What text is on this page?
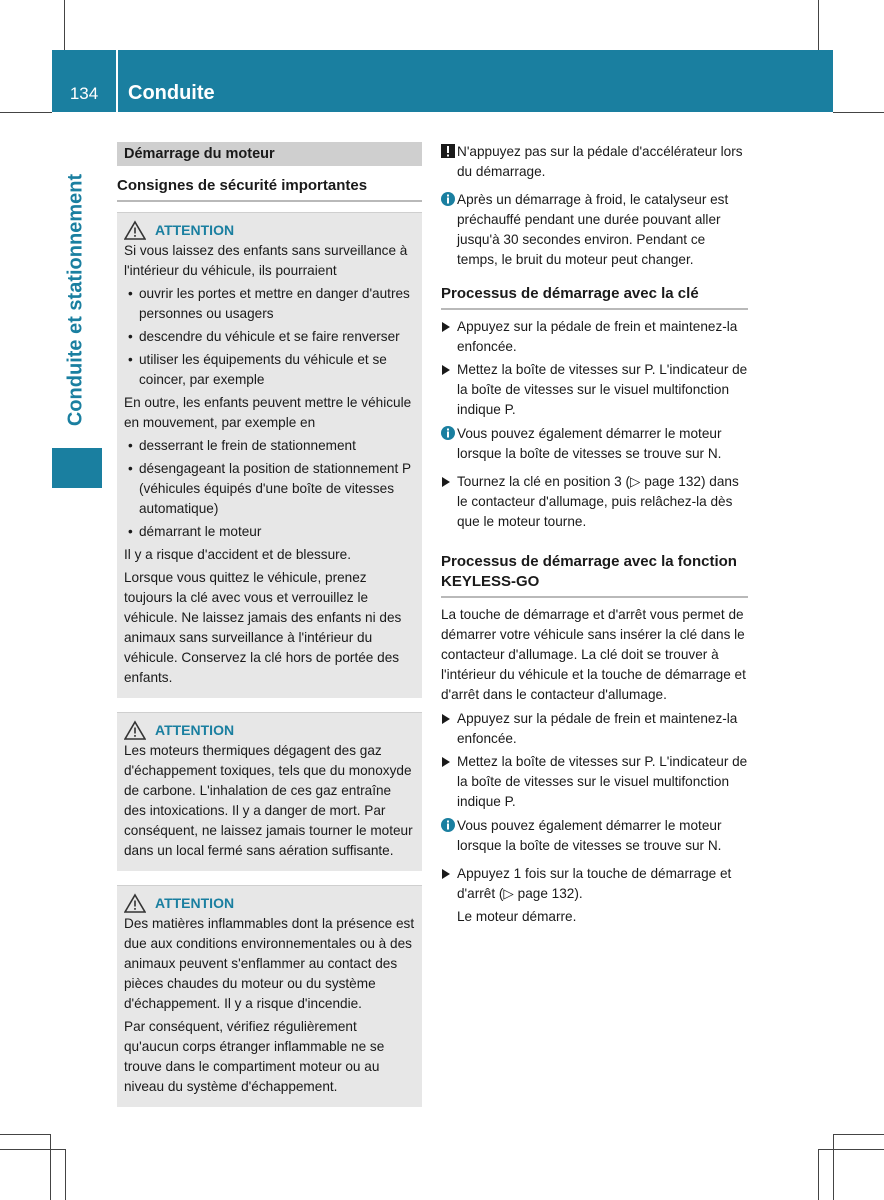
134	Conduite
Conduite et stationnement
Démarrage du moteur
Consignes de sécurité importantes
ATTENTION

Si vous laissez des enfants sans surveillance à l'intérieur du véhicule, ils pourraient

• ouvrir les portes et mettre en danger d'autres personnes ou usagers
• descendre du véhicule et se faire renverser
• utiliser les équipements du véhicule et se coincer, par exemple

En outre, les enfants peuvent mettre le véhicule en mouvement, par exemple en

• desserrant le frein de stationnement
• désengageant la position de stationnement P (véhicules équipés d'une boîte de vitesses automatique)
• démarrant le moteur

Il y a risque d'accident et de blessure.

Lorsque vous quittez le véhicule, prenez toujours la clé avec vous et verrouillez le véhicule. Ne laissez jamais des enfants ni des animaux sans surveillance à l'intérieur du véhicule. Conservez la clé hors de portée des enfants.

ATTENTION

Les moteurs thermiques dégagent des gaz d'échappement toxiques, tels que du monoxyde de carbone. L'inhalation de ces gaz entraîne des intoxications. Il y a danger de mort. Par conséquent, ne laissez jamais tourner le moteur dans un local fermé sans aération suffisante.

ATTENTION

Des matières inflammables dont la présence est due aux conditions environnementales ou à des animaux peuvent s'enflammer au contact des pièces chaudes du moteur ou du système d'échappement. Il y a risque d'incendie.

Par conséquent, vérifiez régulièrement qu'aucun corps étranger inflammable ne se trouve dans le compartiment moteur ou au niveau du système d'échappement.

N'appuyez pas sur la pédale d'accélérateur lors du démarrage.
Après un démarrage à froid, le catalyseur est préchauffé pendant une durée pouvant aller jusqu'à 30 secondes environ. Pendant ce temps, le bruit du moteur peut changer.
Processus de démarrage avec la clé
Appuyez sur la pédale de frein et maintenez-la enfoncée.
Mettez la boîte de vitesses sur P. L'indicateur de la boîte de vitesses sur le visuel multifonction indique P.
Vous pouvez également démarrer le moteur lorsque la boîte de vitesses se trouve sur N.
Tournez la clé en position 3 (▷ page 132) dans le contacteur d'allumage, puis relâchez-la dès que le moteur tourne.
Processus de démarrage avec la fonction KEYLESS-GO

La touche de démarrage et d'arrêt vous permet de démarrer votre véhicule sans insérer la clé dans le contacteur d'allumage. La clé doit se trouver à l'intérieur du véhicule et la touche de démarrage et d'arrêt dans le contacteur d'allumage.

Appuyez sur la pédale de frein et maintenez-la enfoncée.
Mettez la boîte de vitesses sur P. L'indicateur de la boîte de vitesses sur le visuel multifonction indique P.
Vous pouvez également démarrer le moteur lorsque la boîte de vitesses se trouve sur N.
Appuyez 1 fois sur la touche de démarrage et d'arrêt (▷ page 132).
Le moteur démarre.
